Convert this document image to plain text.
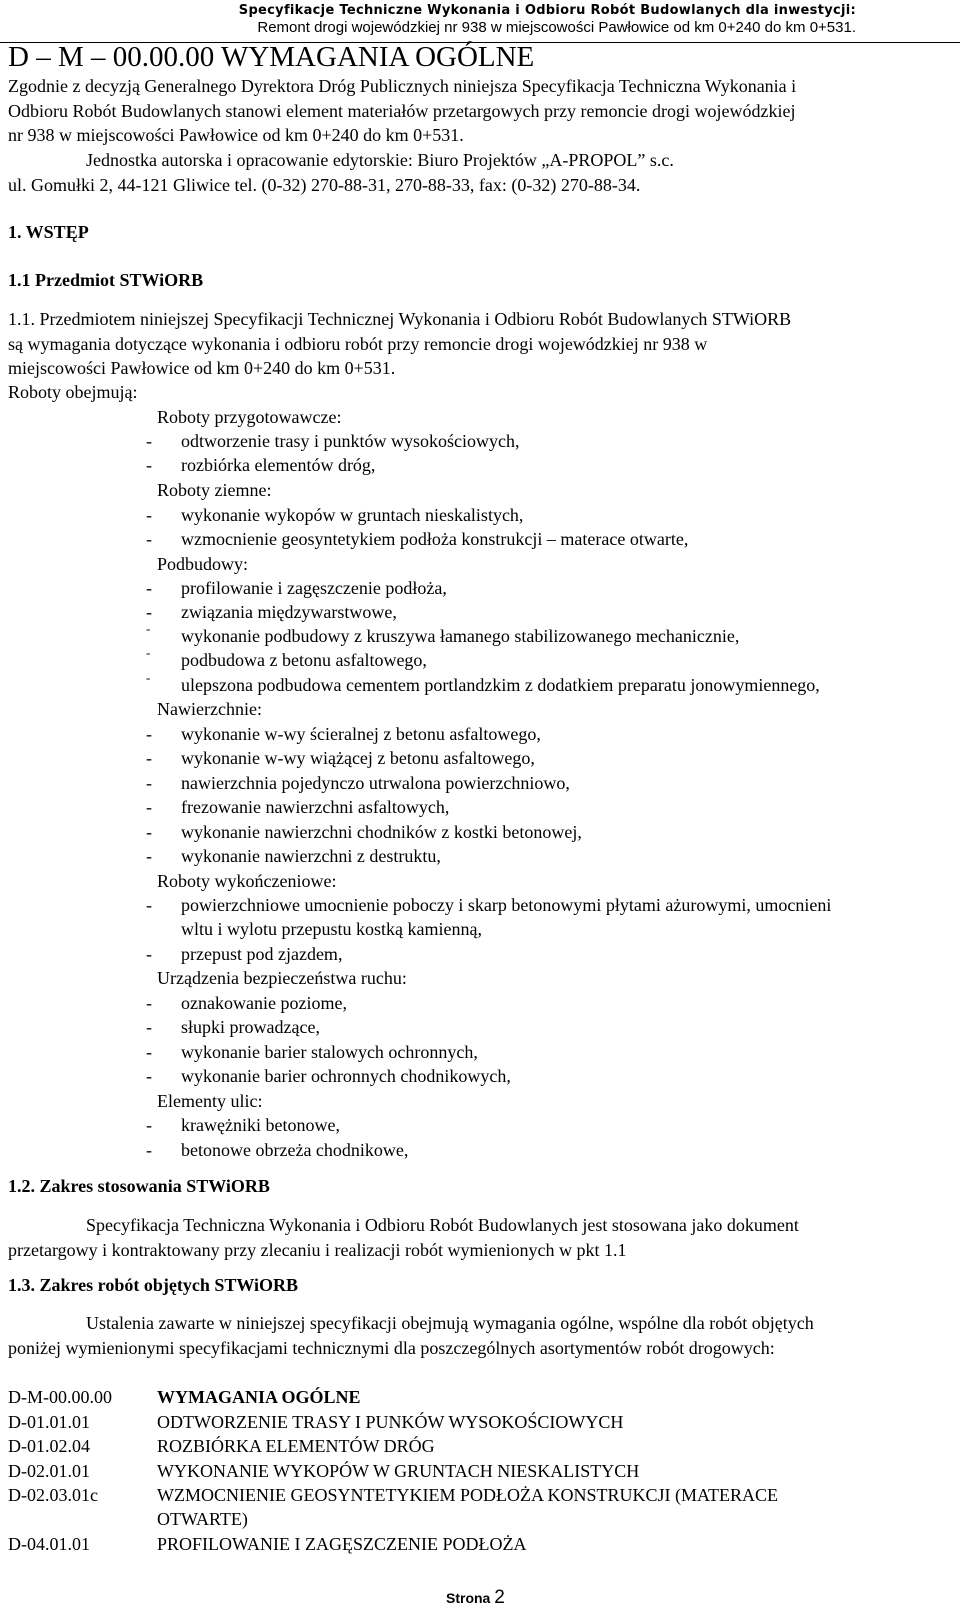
Specyfikacje Techniczne Wykonania i Odbioru Robót Budowlanych dla inwestycji:
Remont drogi wojewódzkiej nr 938 w miejscowości Pawłowice od km 0+240 do km 0+531.
D – M – 00.00.00 WYMAGANIA OGÓLNE
Zgodnie z decyzją Generalnego Dyrektora Dróg Publicznych niniejsza Specyfikacja Techniczna Wykonania i
Odbioru Robót Budowlanych stanowi element materiałów przetargowych przy remoncie drogi wojewódzkiej
nr 938 w miejscowości Pawłowice od km 0+240 do km 0+531.
Jednostka autorska i opracowanie edytorskie: Biuro Projektów „A-PROPOL” s.c.
ul. Gomułki 2, 44-121 Gliwice tel. (0-32) 270-88-31, 270-88-33, fax: (0-32) 270-88-34.
1. WSTĘP
1.1 Przedmiot STWiORB
1.1. Przedmiotem niniejszej Specyfikacji Technicznej Wykonania i Odbioru Robót Budowlanych STWiORB
są wymagania dotyczące wykonania i odbioru robót przy remoncie drogi wojewódzkiej nr 938 w
miejscowości Pawłowice od km 0+240 do km 0+531.
Roboty obejmują:
Roboty przygotowawcze:
- odtworzenie trasy i punktów wysokościowych,
- rozbiórka elementów dróg,
Roboty ziemne:
- wykonanie wykopów w gruntach nieskalistych,
- wzmocnienie geosyntetykiem podłoża konstrukcji – materace otwarte,
Podbudowy:
- profilowanie i zagęszczenie podłoża,
- związania międzywarstwowe,
-	wykonanie podbudowy z kruszywa łamanego stabilizowanego mechanicznie,
-	podbudowa z betonu asfaltowego,
-	ulepszona podbudowa cementem portlandzkim z dodatkiem preparatu jonowymiennego,
Nawierzchnie:
- wykonanie w-wy ścieralnej z betonu asfaltowego,
- wykonanie w-wy wiążącej z betonu asfaltowego,
- nawierzchnia pojedynczo utrwalona powierzchniowo,
- frezowanie nawierzchni asfaltowych,
- wykonanie nawierzchni chodników z kostki betonowej,
- wykonanie nawierzchni z destruktu,
Roboty wykończeniowe:
- powierzchniowe umocnienie poboczy i skarp betonowymi płytami ażurowymi, umocnieni
wltu i wylotu przepustu kostką kamienną,
- przepust pod zjazdem,
Urządzenia bezpieczeństwa ruchu:
- oznakowanie poziome,
- słupki prowadzące,
- wykonanie barier stalowych ochronnych,
- wykonanie barier ochronnych chodnikowych,
Elementy ulic:
- krawężniki betonowe,
- betonowe obrzeża chodnikowe,
1.2. Zakres stosowania STWiORB
Specyfikacja Techniczna Wykonania i Odbioru Robót Budowlanych jest stosowana jako dokument
przetargowy i kontraktowany przy zlecaniu i realizacji robót wymienionych w pkt 1.1
1.3. Zakres robót objętych STWiORB
Ustalenia zawarte w niniejszej specyfikacji obejmują wymagania ogólne, wspólne dla robót objętych
poniżej wymienionymi specyfikacjami technicznymi dla poszczególnych asortymentów robót drogowych:
D-M-00.00.00	WYMAGANIA OGÓLNE
D-01.01.01	ODTWORZENIE TRASY I PUNKÓW WYSOKOŚCIOWYCH
D-01.02.04	ROZBIÓRKA ELEMENTÓW DRÓG
D-02.01.01	WYKONANIE WYKOPÓW W GRUNTACH NIESKALISTYCH
D-02.03.01c	WZMOCNIENIE GEOSYNTETYKIEM PODŁOŻA KONSTRUKCJI (MATERACE
OTWARTE)
D-04.01.01	PROFILOWANIE I ZAGĘSZCZENIE PODŁOŻA
Strona 2
